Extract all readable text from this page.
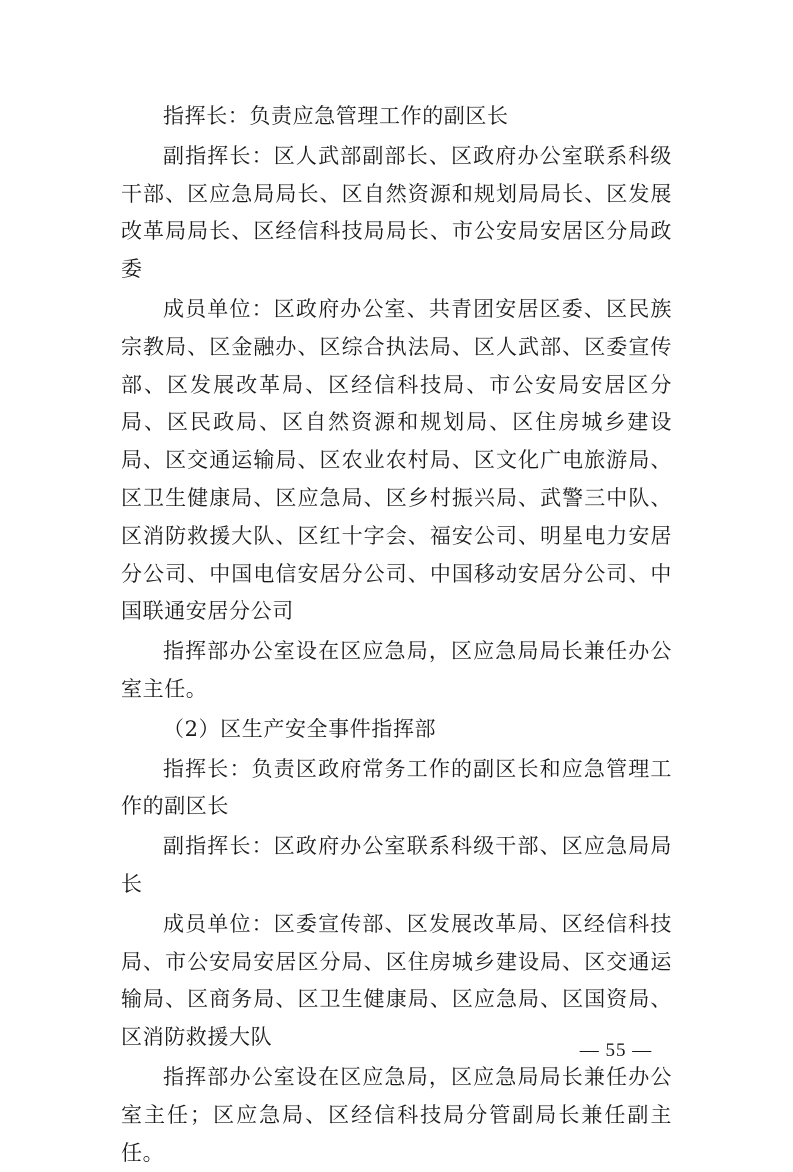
指挥长：负责应急管理工作的副区长

副指挥长：区人武部副部长、区政府办公室联系科级干部、区应急局局长、区自然资源和规划局局长、区发展改革局局长、区经信科技局局长、市公安局安居区分局政委

成员单位：区政府办公室、共青团安居区委、区民族宗教局、区金融办、区综合执法局、区人武部、区委宣传部、区发展改革局、区经信科技局、市公安局安居区分局、区民政局、区自然资源和规划局、区住房城乡建设局、区交通运输局、区农业农村局、区文化广电旅游局、区卫生健康局、区应急局、区乡村振兴局、武警三中队、区消防救援大队、区红十字会、福安公司、明星电力安居分公司、中国电信安居分公司、中国移动安居分公司、中国联通安居分公司

指挥部办公室设在区应急局，区应急局局长兼任办公室主任。

（2）区生产安全事件指挥部

指挥长：负责区政府常务工作的副区长和应急管理工作的副区长

副指挥长：区政府办公室联系科级干部、区应急局局长

成员单位：区委宣传部、区发展改革局、区经信科技局、市公安局安居区分局、区住房城乡建设局、区交通运输局、区商务局、区卫生健康局、区应急局、区国资局、区消防救援大队

指挥部办公室设在区应急局，区应急局局长兼任办公室主任；区应急局、区经信科技局分管副局长兼任副主任。

— 55 —
